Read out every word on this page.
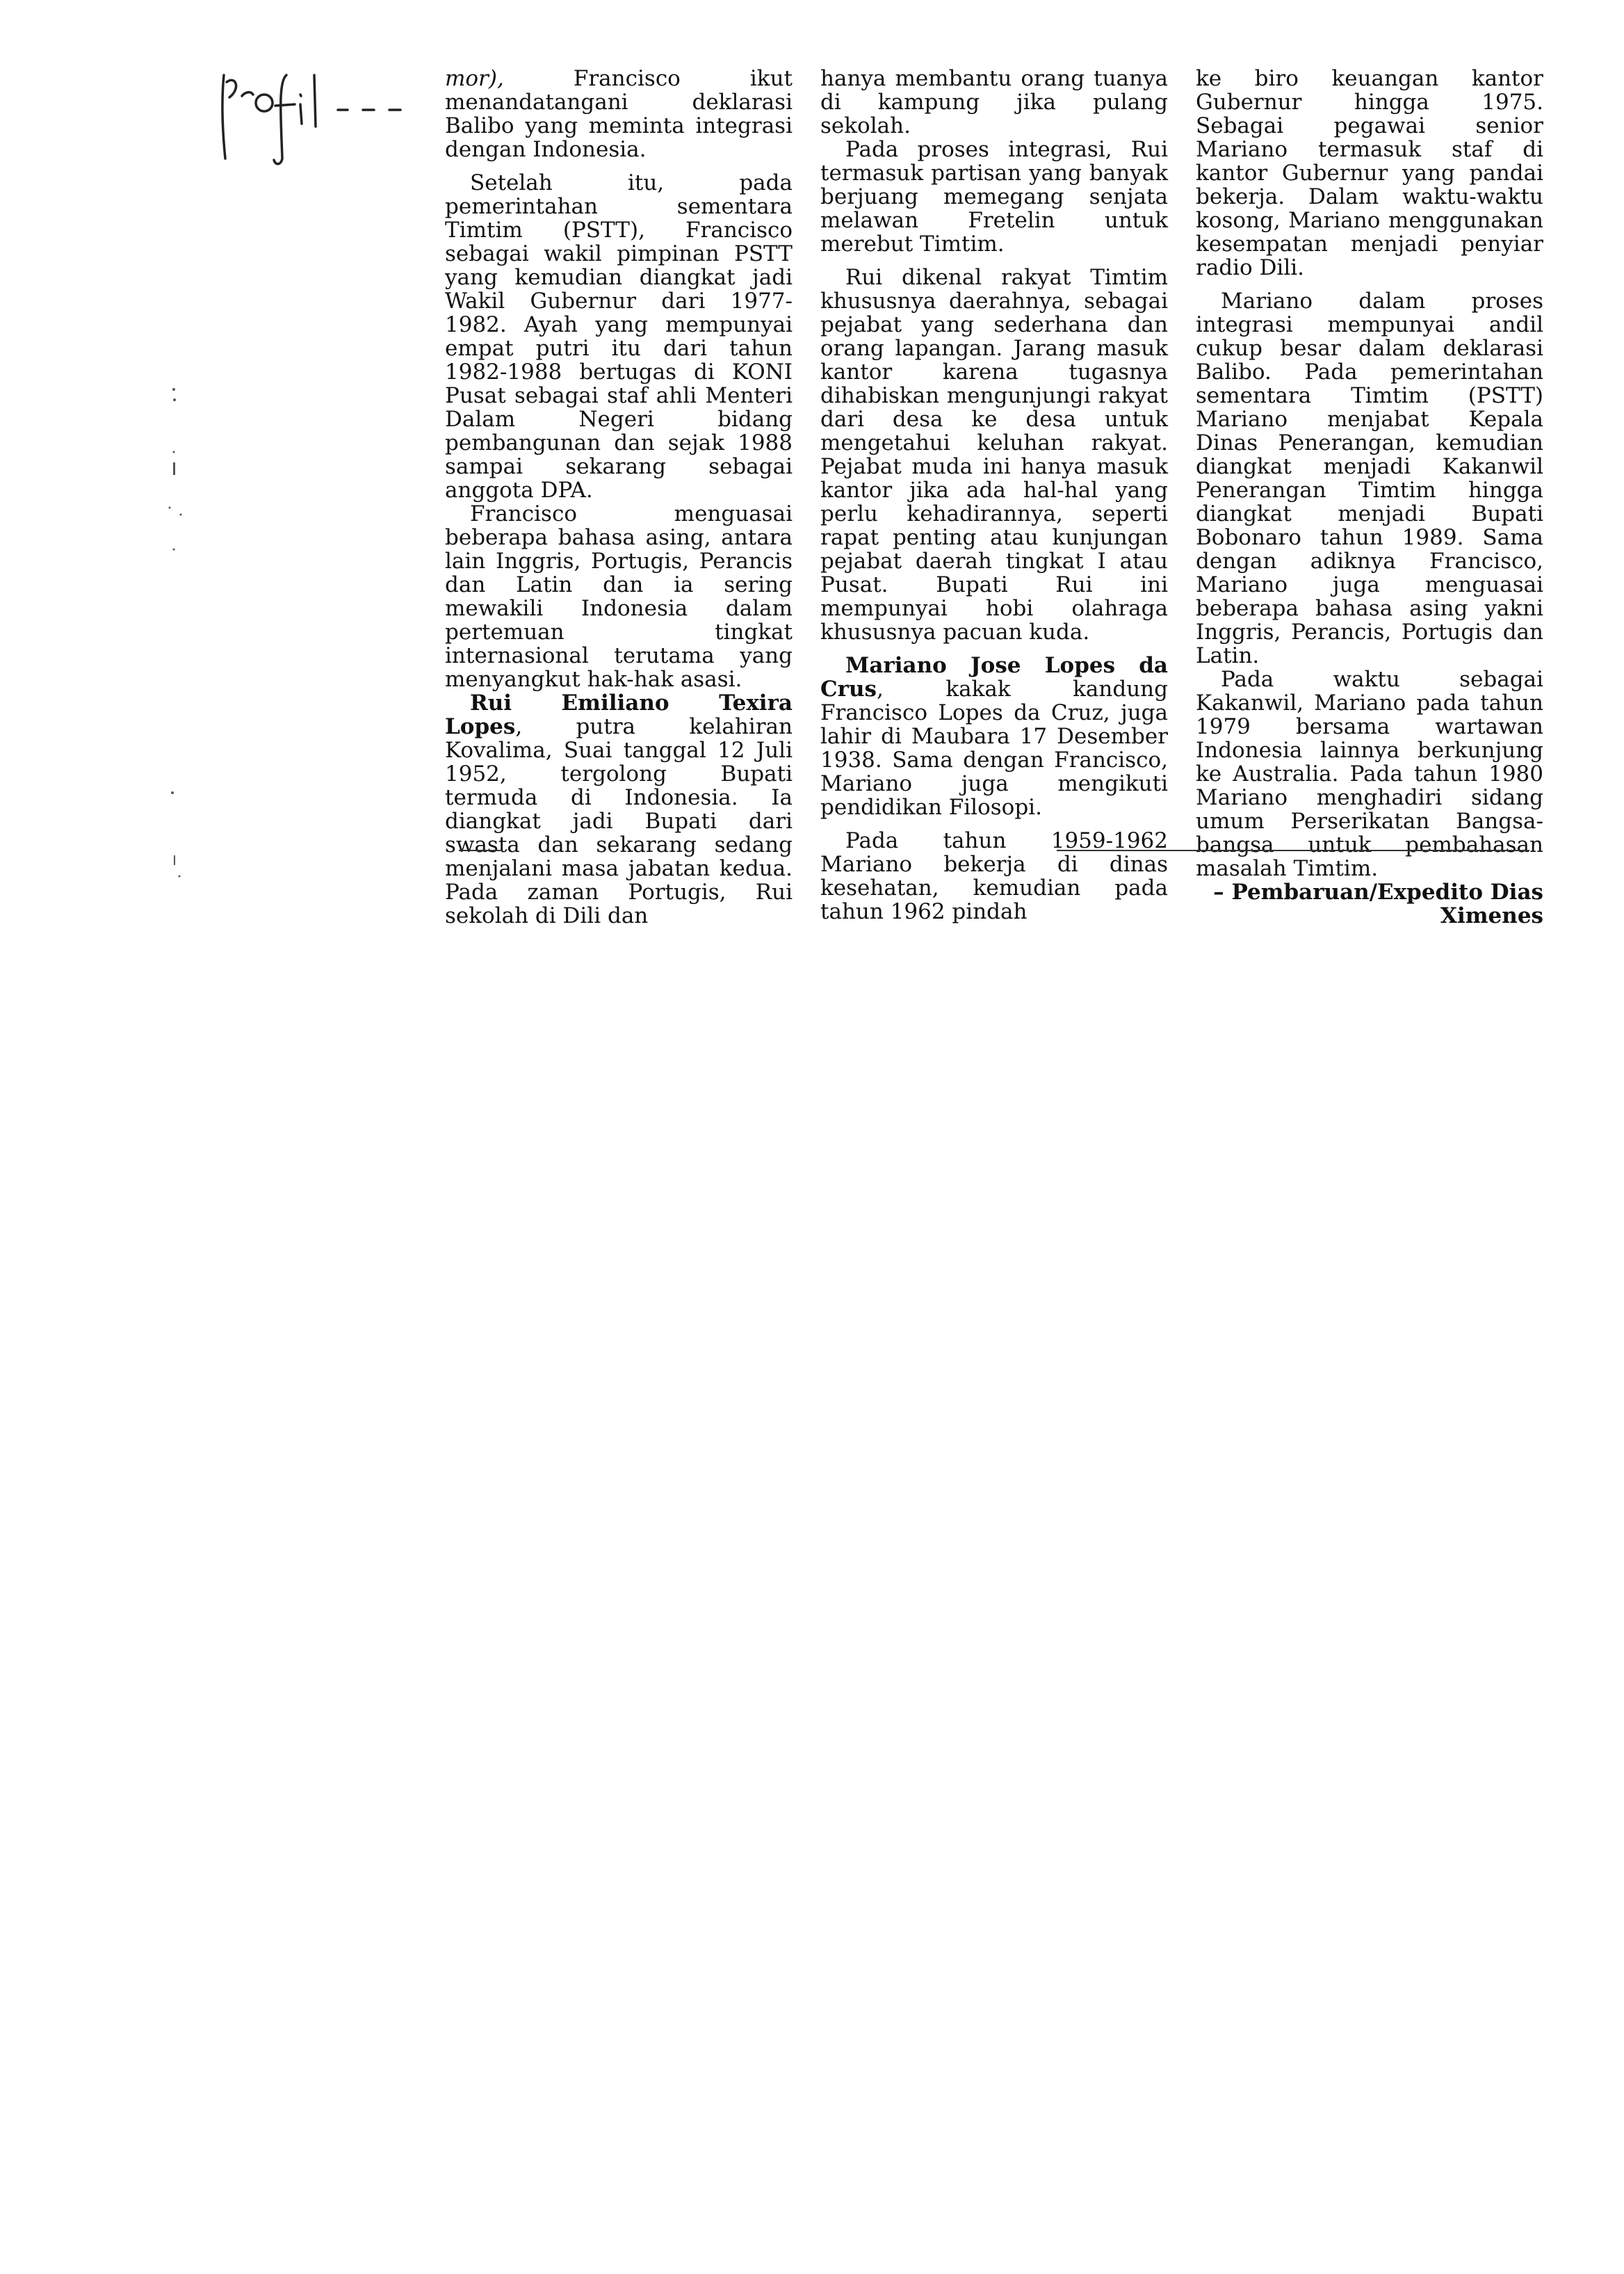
mor), Francisco ikut menandatangani deklarasi Balibo yang meminta integrasi dengan Indonesia.

Setelah itu, pada pemerintahan sementara Timtim (PSTT), Francisco sebagai wakil pimpinan PSTT yang kemudian diangkat jadi Wakil Gubernur dari 1977-1982. Ayah yang mempunyai empat putri itu dari tahun 1982-1988 bertugas di KONI Pusat sebagai staf ahli Menteri Dalam Negeri bidang pembangunan dan sejak 1988 sampai sekarang sebagai anggota DPA.

Francisco menguasai beberapa bahasa asing, antara lain Inggris, Portugis, Perancis dan Latin dan ia sering mewakili Indonesia dalam pertemuan tingkat internasional terutama yang menyangkut hak-hak asasi.

Rui Emiliano Texira Lopes, putra kelahiran Kovalima, Suai tanggal 12 Juli 1952, tergolong Bupati termuda di Indonesia. Ia diangkat jadi Bupati dari swasta dan sekarang sedang menjalani masa jabatan kedua. Pada zaman Portugis, Rui sekolah di Dili dan

hanya membantu orang tuanya di kampung jika pulang sekolah.

Pada proses integrasi, Rui termasuk partisan yang banyak berjuang memegang senjata melawan Fretelin untuk merebut Timtim.

Rui dikenal rakyat Timtim khususnya daerahnya, sebagai pejabat yang sederhana dan orang lapangan. Jarang masuk kantor karena tugasnya dihabiskan mengunjungi rakyat dari desa ke desa untuk mengetahui keluhan rakyat. Pejabat muda ini hanya masuk kantor jika ada hal-hal yang perlu kehadirannya, seperti rapat penting atau kunjungan pejabat daerah tingkat I atau Pusat. Bupati Rui ini mempunyai hobi olahraga khususnya pacuan kuda.

Mariano Jose Lopes da Crus, kakak kandung Francisco Lopes da Cruz, juga lahir di Maubara 17 Desember 1938. Sama dengan Francisco, Mariano juga mengikuti pendidikan Filosopi.

Pada tahun 1959-1962 Mariano bekerja di dinas kesehatan, kemudian pada tahun 1962 pindah

ke biro keuangan kantor Gubernur hingga 1975. Sebagai pegawai senior Mariano termasuk staf di kantor Gubernur yang pandai bekerja. Dalam waktu-waktu kosong, Mariano menggunakan kesempatan menjadi penyiar radio Dili.

Mariano dalam proses integrasi mempunyai andil cukup besar dalam deklarasi Balibo. Pada pemerintahan sementara Timtim (PSTT) Mariano menjabat Kepala Dinas Penerangan, kemudian diangkat menjadi Kakanwil Penerangan Timtim hingga diangkat menjadi Bupati Bobonaro tahun 1989. Sama dengan adiknya Francisco, Mariano juga menguasai beberapa bahasa asing yakni Inggris, Perancis, Portugis dan Latin.

Pada waktu sebagai Kakanwil, Mariano pada tahun 1979 bersama wartawan Indonesia lainnya berkunjung ke Australia. Pada tahun 1980 Mariano menghadiri sidang umum Perserikatan Bangsa-bangsa untuk pembahasan masalah Timtim.

– Pembaruan/Expedito Dias Ximenes
